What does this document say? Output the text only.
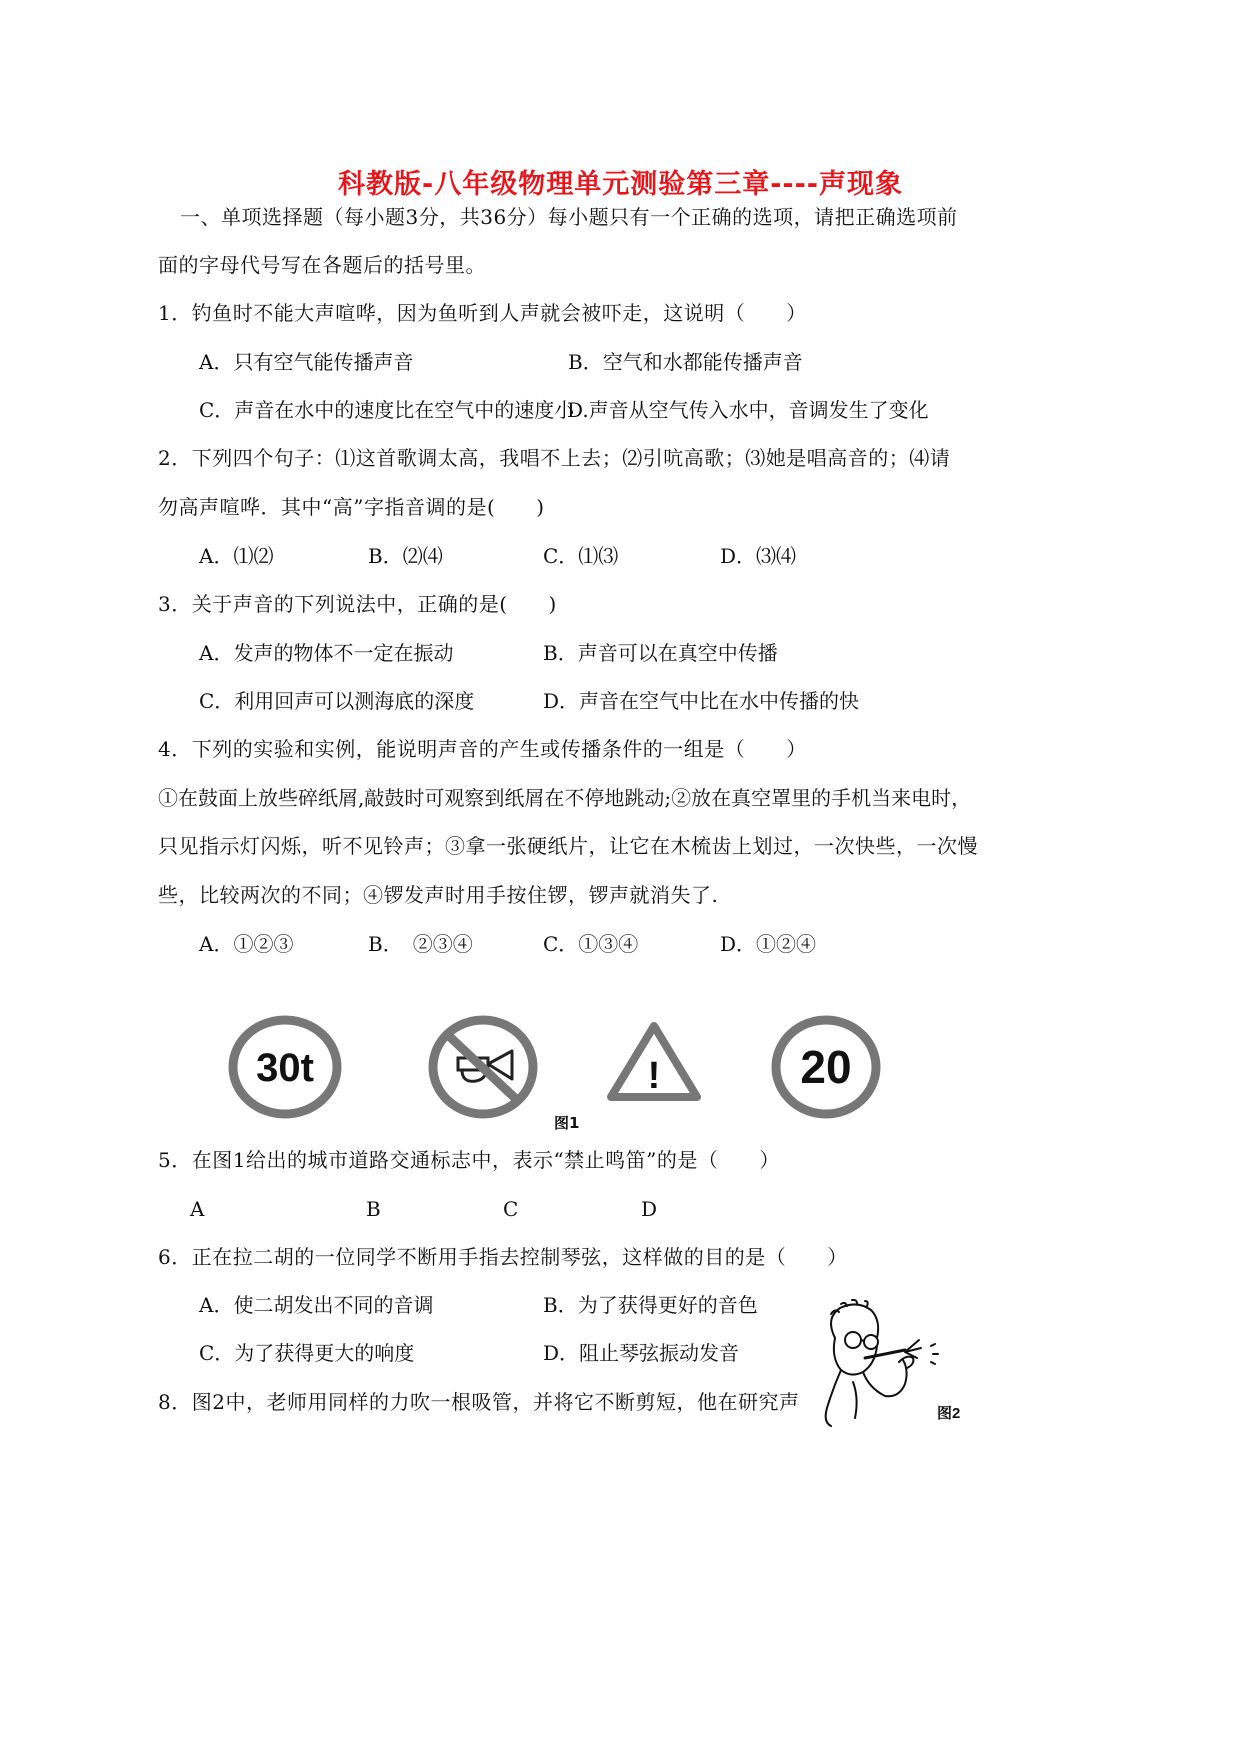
科教版-八年级物理单元测验第三章----声现象
一、单项选择题（每小题3分，共36分）每小题只有一个正确的选项，请把正确选项前
面的字母代号写在各题后的括号里。
1．钓鱼时不能大声喧哗，因为鱼听到人声就会被吓走，这说明（　　）
A．只有空气能传播声音	B．空气和水都能传播声音
C．声音在水中的速度比在空气中的速度小
D.声音从空气传入水中，音调发生了变化
2．下列四个句子：⑴这首歌调太高，我唱不上去；⑵引吭高歌；⑶她是唱高音的；⑷请
勿高声喧哗．其中“高”字指音调的是(　　)
A．⑴⑵	B．⑵⑷	C．⑴⑶	D．⑶⑷
3．关于声音的下列说法中，正确的是(　　)
A．发声的物体不一定在振动	B．声音可以在真空中传播
C．利用回声可以测海底的深度	D．声音在空气中比在水中传播的快
4．下列的实验和实例，能说明声音的产生或传播条件的一组是（　　）
①在鼓面上放些碎纸屑,敲鼓时可观察到纸屑在不停地跳动;②放在真空罩里的手机当来电时，
只见指示灯闪烁，听不见铃声；③拿一张硬纸片，让它在木梳齿上划过，一次快些，一次慢
些，比较两次的不同；④锣发声时用手按住锣，锣声就消失了.
A．①②③	B．　②③④	C．①③④	D．①②④
30t	!	20
图1
5．在图1给出的城市道路交通标志中，表示“禁止鸣笛”的是（　　）
A	B	C	D
6．正在拉二胡的一位同学不断用手指去控制琴弦，这样做的目的是（　　）
A．使二胡发出不同的音调	B．为了获得更好的音色
C．为了获得更大的响度	D．阻止琴弦振动发音
8．图2中，老师用同样的力吹一根吸管，并将它不断剪短，他在研究声	图2
